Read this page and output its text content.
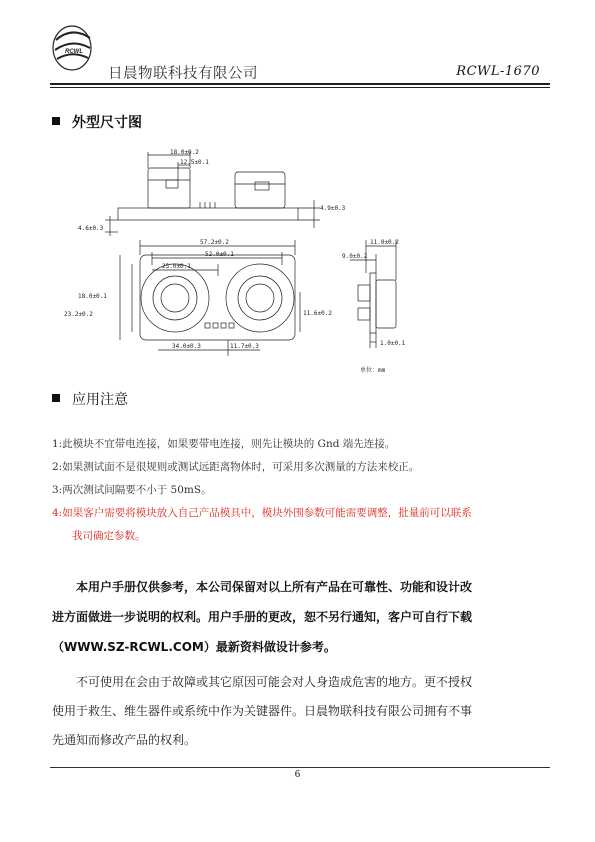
RCWL
日晨物联科技有限公司	RCWL-1670
外型尺寸图
18.0±0.2
12.5±0.1
4.9±0.3
4.6±0.3
57.2±0.2
52.0±0.1
25.0±0.1
18.0±0.1
23.2±0.2	11.6±0.2
34.0±0.3	11.7±0.3
11.0±0.2
9.0±0.2
1.0±0.1
单位：mm
应用注意
1:此模块不宜带电连接，如果要带电连接，则先让模块的 Gnd 端先连接。
2:如果测试面不是很规则或测试远距离物体时，可采用多次测量的方法来校正。
3:两次测试间隔要不小于 50mS。
4:如果客户需要将模块放入自己产品模具中，模块外围参数可能需要调整，批量前可以联系
我司确定参数。

本用户手册仅供参考，本公司保留对以上所有产品在可靠性、功能和设计改

进方面做进一步说明的权利。用户手册的更改，恕不另行通知，客户可自行下载

（WWW.SZ-RCWL.COM）最新资料做设计参考。

不可使用在会由于故障或其它原因可能会对人身造成危害的地方。更不授权

使用于救生、维生器件或系统中作为关键器件。日晨物联科技有限公司拥有不事

先通知而修改产品的权利。

6
